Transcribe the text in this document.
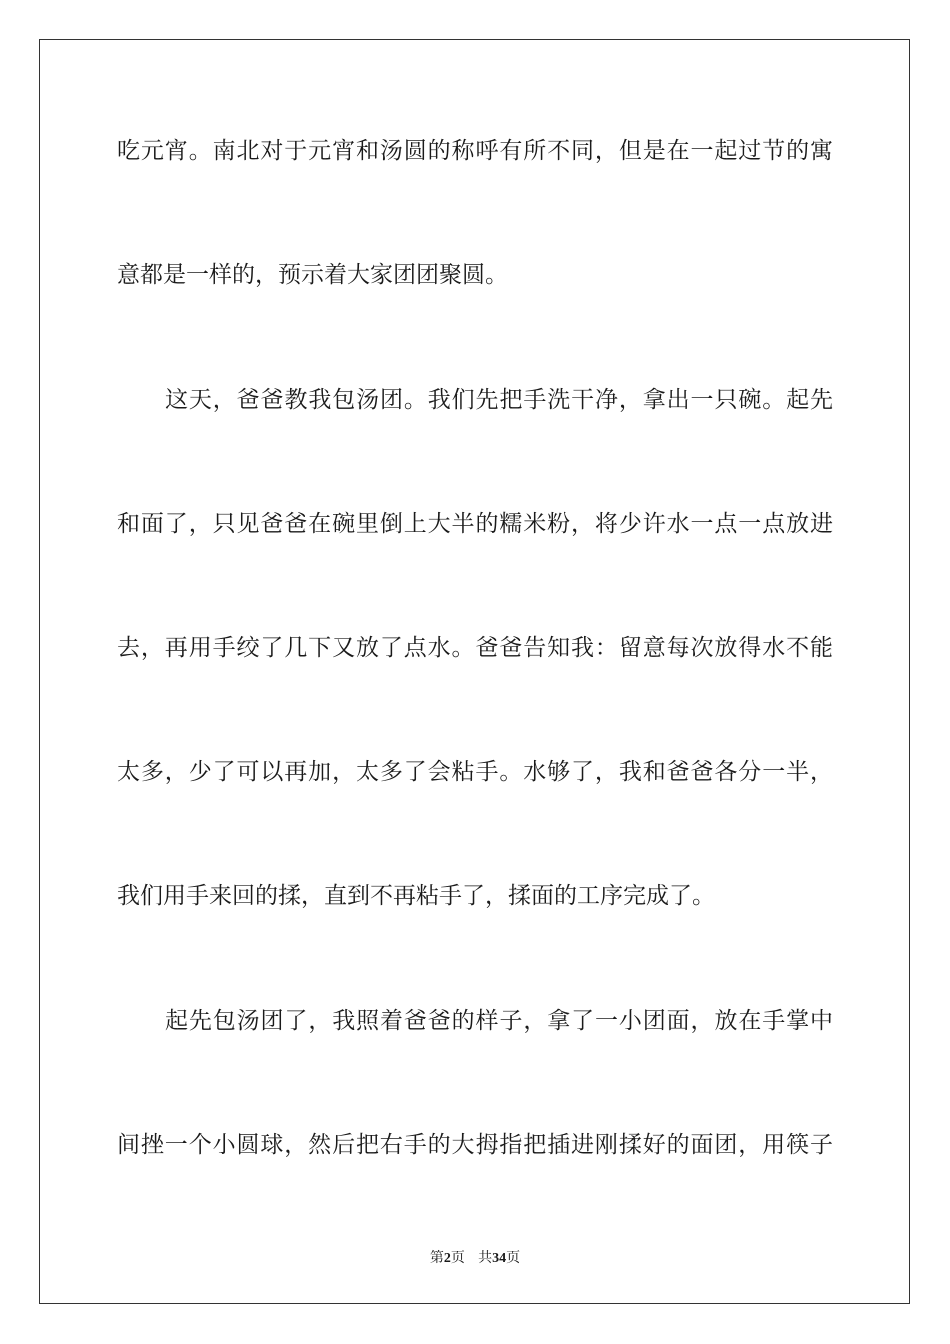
吃元宵。南北对于元宵和汤圆的称呼有所不同，但是在一起过节的寓
意都是一样的，预示着大家团团聚圆。
这天，爸爸教我包汤团。我们先把手洗干净，拿出一只碗。起先
和面了，只见爸爸在碗里倒上大半的糯米粉，将少许水一点一点放进
去，再用手绞了几下又放了点水。爸爸告知我：留意每次放得水不能
太多，少了可以再加，太多了会粘手。水够了，我和爸爸各分一半，
我们用手来回的揉，直到不再粘手了，揉面的工序完成了。
起先包汤团了，我照着爸爸的样子，拿了一小团面，放在手掌中
间挫一个小圆球，然后把右手的大拇指把插进刚揉好的面团，用筷子
第2页 共34页
